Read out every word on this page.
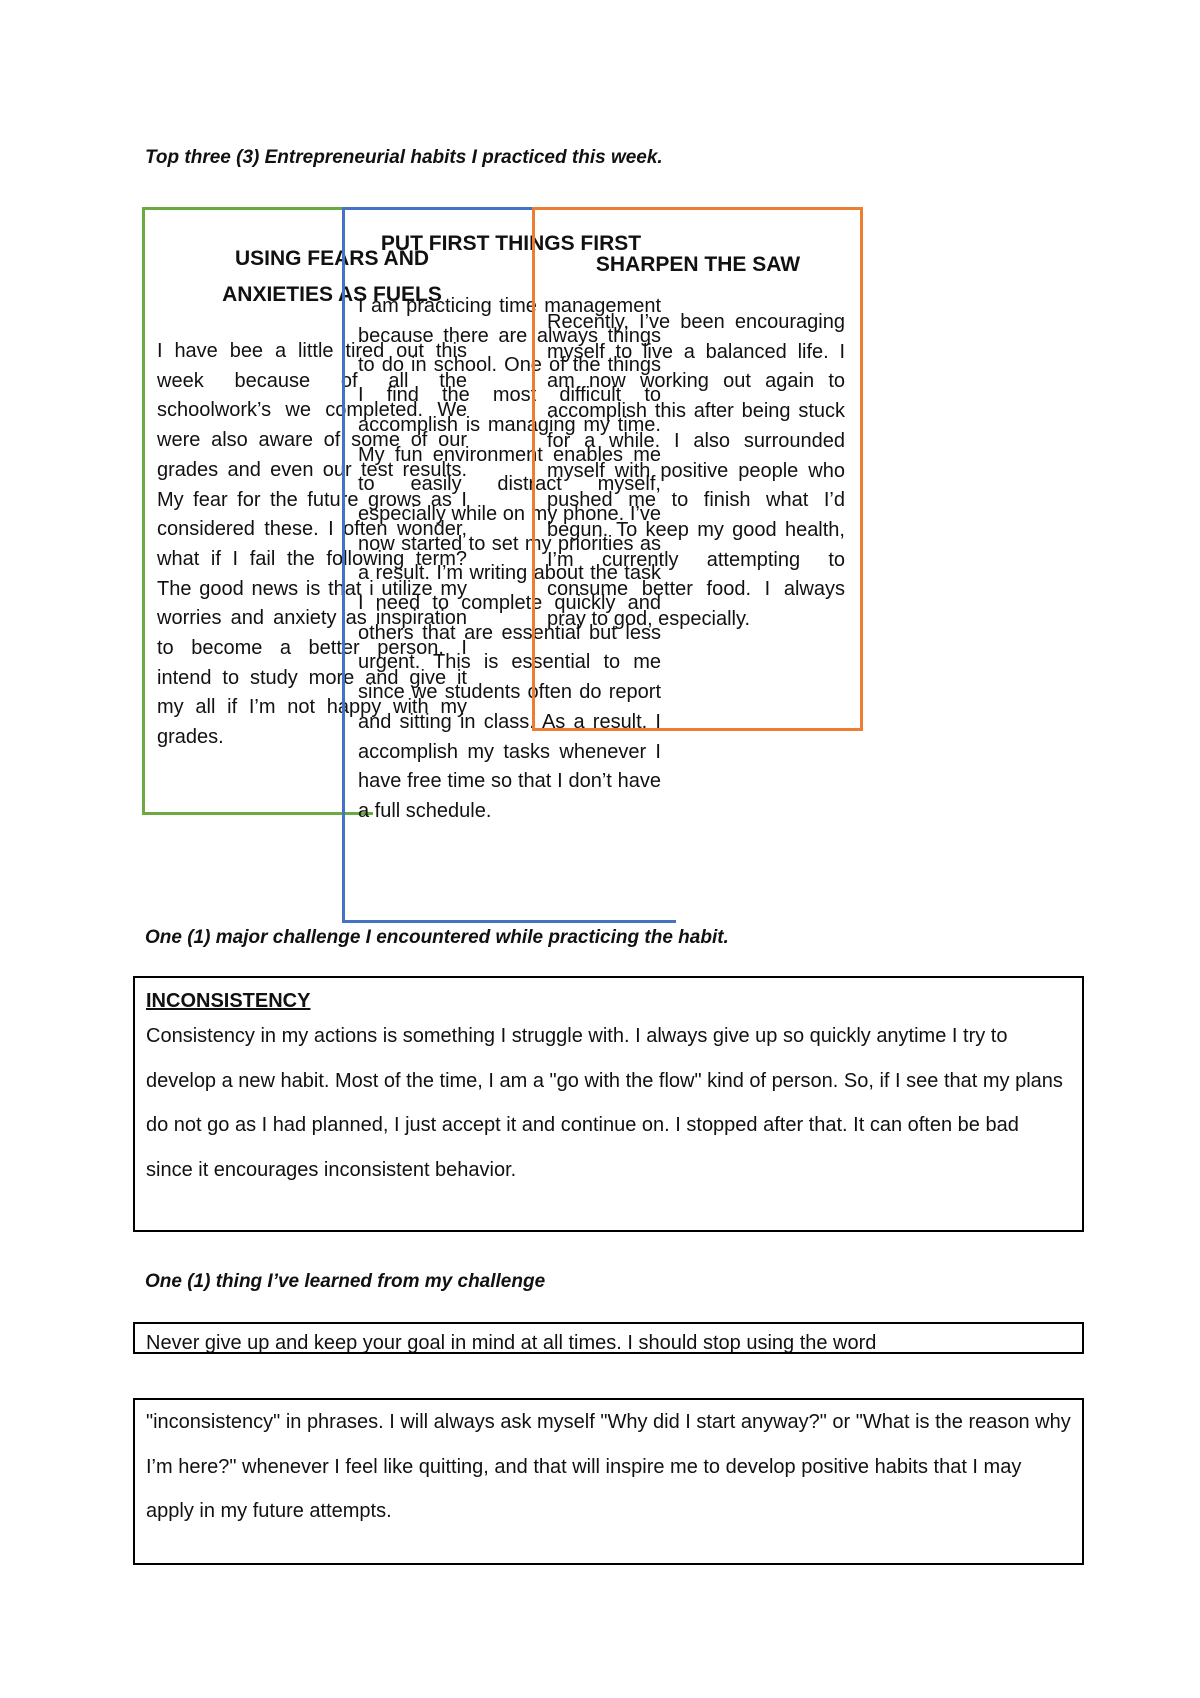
Top three (3) Entrepreneurial habits I practiced this week.
USING FEARS AND ANXIETIES AS FUELS
I have bee a little tired out this week because of all the schoolwork’s we completed. We were also aware of some of our grades and even our test results. My fear for the future grows as I considered these. I often wonder, what if I fail the following term? The good news is that i utilize my worries and anxiety as inspiration to become a better person. I intend to study more and give it my all if I’m not happy with my grades.
PUT FIRST THINGS FIRST
I am practicing time management because there are always things to do in school. One of the things I find the most difficult to accomplish is managing my time. My fun environment enables me to easily distract myself, especially while on my phone. I’ve now started to set my priorities as a result. I’m writing about the task I need to complete quickly and others that are essential but less urgent. This is essential to me since we students often do report and sitting in class. As a result, I accomplish my tasks whenever I have free time so that I don’t have a full schedule.
SHARPEN THE SAW
Recently, I’ve been encouraging myself to live a balanced life. I am now working out again to accomplish this after being stuck for a while. I also surrounded myself with positive people who pushed me to finish what I’d begun. To keep my good health, I’m currently attempting to consume better food. I always pray to god, especially.
One (1) major challenge I encountered while practicing the habit.
INCONSISTENCY
Consistency in my actions is something I struggle with. I always give up so quickly anytime I try to develop a new habit. Most of the time, I am a "go with the flow" kind of person. So, if I see that my plans do not go as I had planned, I just accept it and continue on. I stopped after that. It can often be bad since it encourages inconsistent behavior.
One (1) thing I’ve learned from my challenge
Never give up and keep your goal in mind at all times. I should stop using the word
"inconsistency" in phrases. I will always ask myself "Why did I start anyway?" or "What is the reason why I’m here?" whenever I feel like quitting, and that will inspire me to develop positive habits that I may apply in my future attempts.
